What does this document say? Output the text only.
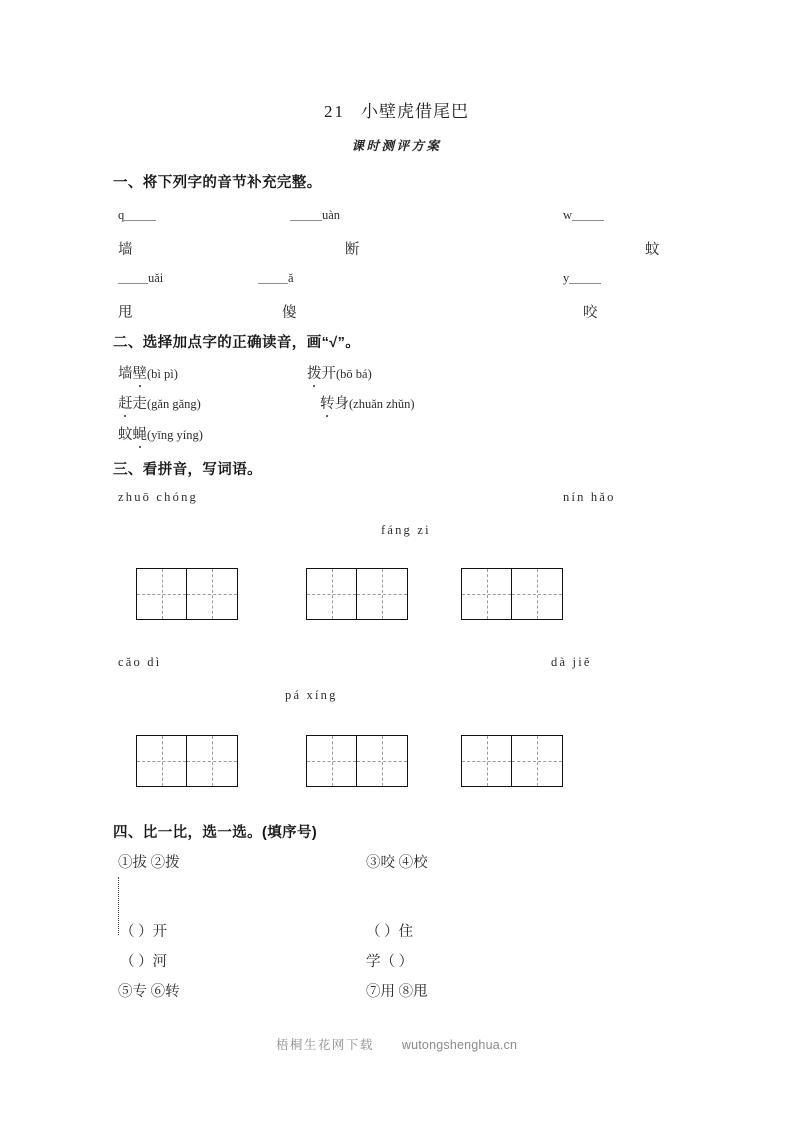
21 小壁虎借尾巴
课时测评方案
一、将下列字的音节补充完整。
q	uàn	w
墙	断	蚊
uǎi	ǎ	y
甩	傻	咬
二、选择加点字的正确读音，画“√”。
墙壁(bì pì)	拨开(bō bá)
赶走(gǎn gǎng)	转身(zhuǎn zhǔn)
蚊蝇(yīng yíng)
三、看拼音，写词语。
zhuō chóng	nín hǎo
fáng zi
cǎo dì	dà jiě
pá xíng
四、比一比，选一选。(填序号)
①拔 ②拨	③咬 ④校
（ ）开	（ ）住
（ ）河	学（ ）
⑤专 ⑥转	⑦用 ⑧甩
梧桐生花网下载 wutongshenghua.cn
